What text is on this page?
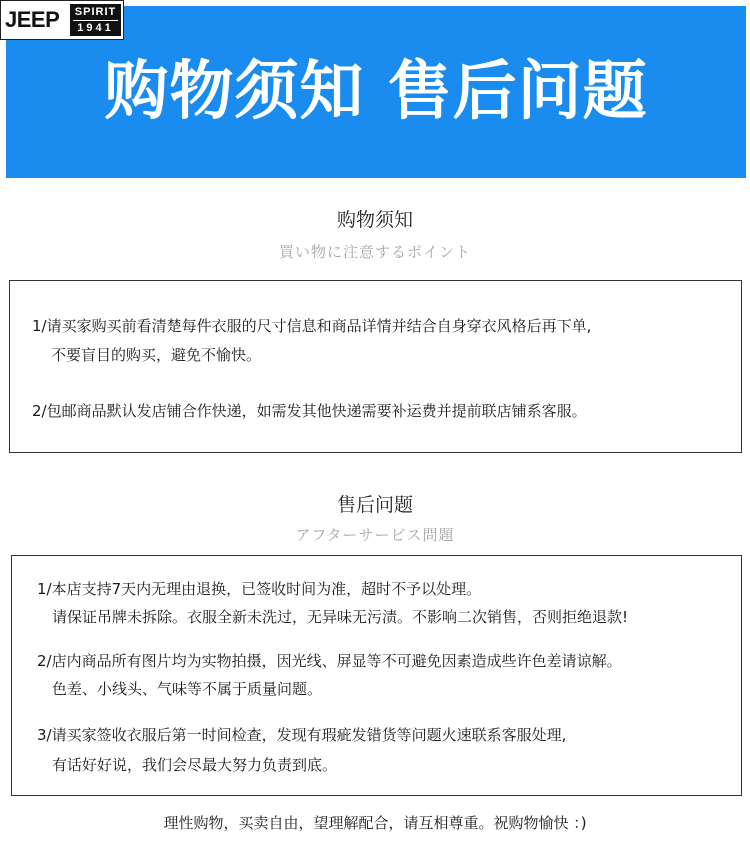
购物须知 售后问题
JEEP	SPIRIT
1941
购物须知
買い物に注意するポイント
1/请买家购买前看清楚每件衣服的尺寸信息和商品详情并结合自身穿衣风格后再下单,
不要盲目的购买，避免不愉快。
2/包邮商品默认发店铺合作快递，如需发其他快递需要补运费并提前联店铺系客服。
售后问题
アフターサービス問題
1/本店支持7天内无理由退换，已签收时间为准，超时不予以处理。
请保证吊牌未拆除。衣服全新未洗过，无异味无污渍。不影响二次销售，否则拒绝退款!
2/店内商品所有图片均为实物拍摄，因光线、屏显等不可避免因素造成些许色差请谅解。
色差、小线头、气味等不属于质量问题。
3/请买家签收衣服后第一时间检查，发现有瑕疵发错货等问题火速联系客服处理,
有话好好说，我们会尽最大努力负责到底。
理性购物，买卖自由，望理解配合，请互相尊重。祝购物愉快 ：)
